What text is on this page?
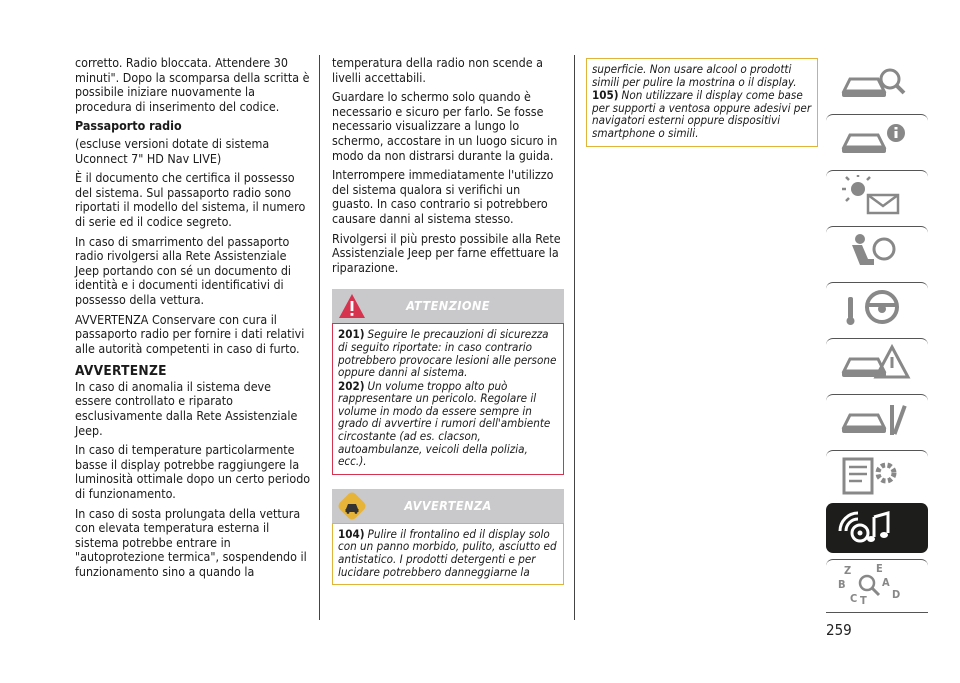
corretto. Radio bloccata. Attendere 30 minuti". Dopo la scomparsa della scritta è possibile iniziare nuovamente la procedura di inserimento del codice.

Passaporto radio

(escluse versioni dotate di sistema Uconnect 7" HD Nav LIVE)

È il documento che certifica il possesso del sistema. Sul passaporto radio sono riportati il modello del sistema, il numero di serie ed il codice segreto.

In caso di smarrimento del passaporto radio rivolgersi alla Rete Assistenziale Jeep portando con sé un documento di identità e i documenti identificativi di possesso della vettura.

AVVERTENZA Conservare con cura il passaporto radio per fornire i dati relativi alle autorità competenti in caso di furto.

AVVERTENZE

In caso di anomalia il sistema deve essere controllato e riparato esclusivamente dalla Rete Assistenziale Jeep.

In caso di temperature particolarmente basse il display potrebbe raggiungere la luminosità ottimale dopo un certo periodo di funzionamento.

In caso di sosta prolungata della vettura con elevata temperatura esterna il sistema potrebbe entrare in "autoprotezione termica", sospendendo il funzionamento sino a quando la

temperatura della radio non scende a livelli accettabili.

Guardare lo schermo solo quando è necessario e sicuro per farlo. Se fosse necessario visualizzare a lungo lo schermo, accostare in un luogo sicuro in modo da non distrarsi durante la guida.

Interrompere immediatamente l'utilizzo del sistema qualora si verifichi un guasto. In caso contrario si potrebbero causare danni al sistema stesso.

Rivolgersi il più presto possibile alla Rete Assistenziale Jeep per farne effettuare la riparazione.

ATTENZIONE
201) Seguire le precauzioni di sicurezza di seguito riportate: in caso contrario potrebbero provocare lesioni alle persone oppure danni al sistema.
202) Un volume troppo alto può rappresentare un pericolo. Regolare il volume in modo da essere sempre in grado di avvertire i rumori dell'ambiente circostante (ad es. clacson, autoambulanze, veicoli della polizia, ecc.).
AVVERTENZA
104) Pulire il frontalino ed il display solo con un panno morbido, pulito, asciutto ed antistatico. I prodotti detergenti e per lucidare potrebbero danneggiarne la
superficie. Non usare alcool o prodotti simili per pulire la mostrina o il display.
105) Non utilizzare il display come base per supporti a ventosa oppure adesivi per navigatori esterni oppure dispositivi smartphone o simili.
Z E
B	A
C T D
259
